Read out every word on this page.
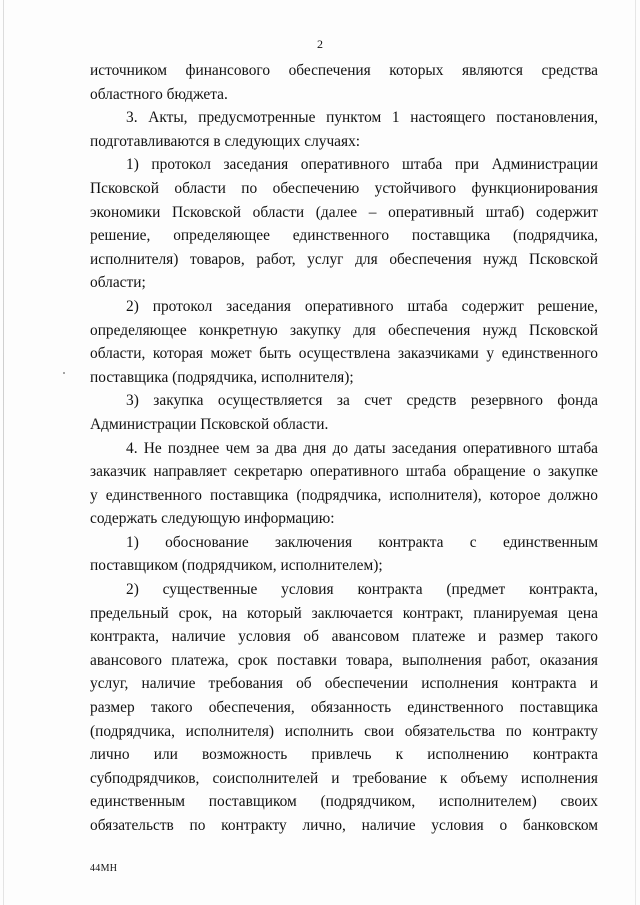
2
источником финансового обеспечения которых являются средства
областного бюджета.
3. Акты, предусмотренные пунктом 1 настоящего постановления,
подготавливаются в следующих случаях:
1) протокол заседания оперативного штаба при Администрации
Псковской области по обеспечению устойчивого функционирования
экономики Псковской области (далее – оперативный штаб) содержит
решение, определяющее единственного поставщика (подрядчика,
исполнителя) товаров, работ, услуг для обеспечения нужд Псковской
области;
2) протокол заседания оперативного штаба содержит решение,
определяющее конкретную закупку для обеспечения нужд Псковской
области, которая может быть осуществлена заказчиками у единственного
поставщика (подрядчика, исполнителя);
3) закупка осуществляется за счет средств резервного фонда
Администрации Псковской области.
4. Не позднее чем за два дня до даты заседания оперативного штаба
заказчик направляет секретарю оперативного штаба обращение о закупке
у единственного поставщика (подрядчика, исполнителя), которое должно
содержать следующую информацию:
1) обоснование заключения контракта с единственным
поставщиком (подрядчиком, исполнителем);
2) существенные условия контракта (предмет контракта,
предельный срок, на который заключается контракт, планируемая цена
контракта, наличие условия об авансовом платеже и размер такого
авансового платежа, срок поставки товара, выполнения работ, оказания
услуг, наличие требования об обеспечении исполнения контракта и
размер такого обеспечения, обязанность единственного поставщика
(подрядчика, исполнителя) исполнить свои обязательства по контракту
лично или возможность привлечь к исполнению контракта
субподрядчиков, соисполнителей и требование к объему исполнения
единственным поставщиком (подрядчиком, исполнителем) своих
обязательств по контракту лично, наличие условия о банковском
44МН
